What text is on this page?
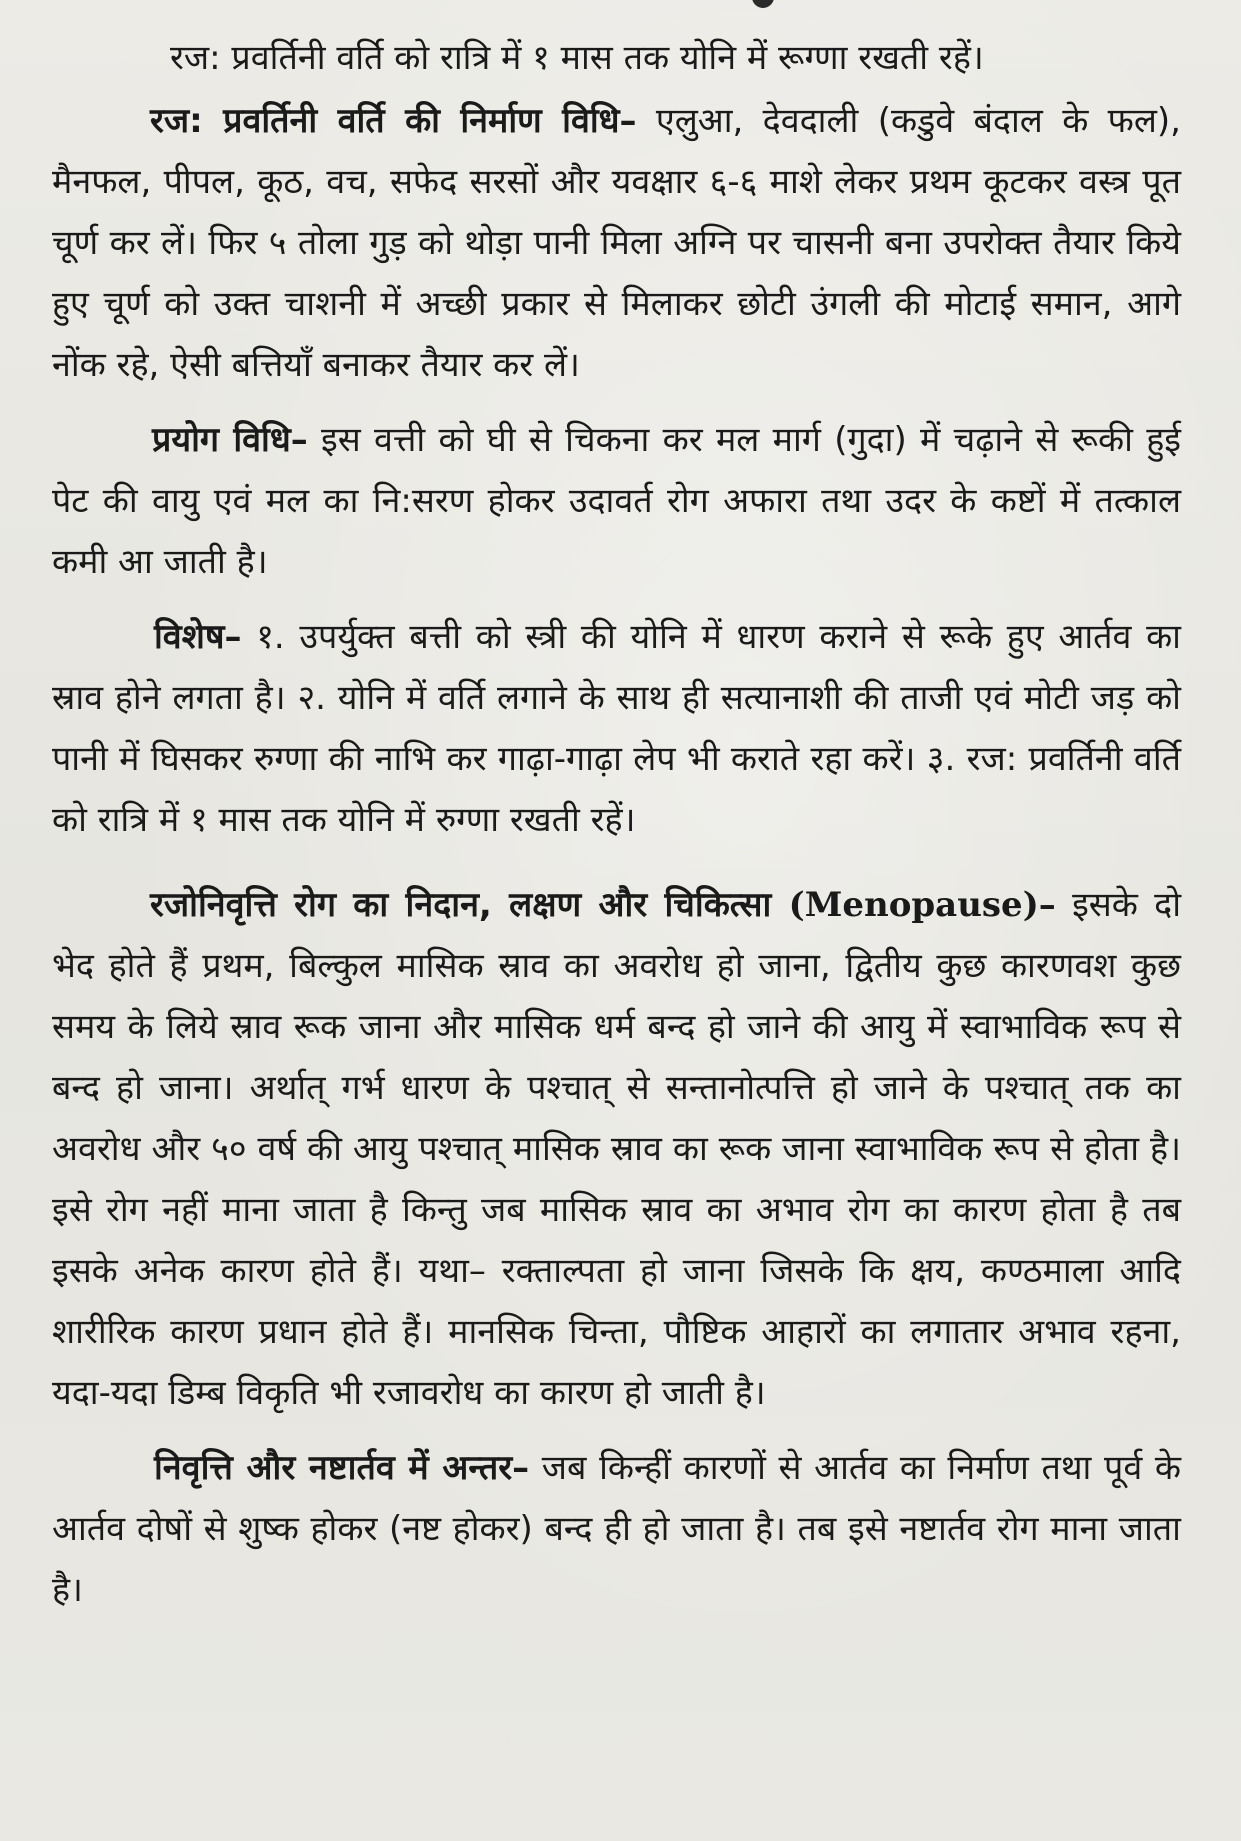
रज: प्रवर्तिनी वर्ति को रात्रि में १ मास तक योनि में रूग्णा रखती रहें।

रज: प्रवर्तिनी वर्ति की निर्माण विधि– एलुआ, देवदाली (कडुवे बंदाल के फल), मैनफल, पीपल, कूठ, वच, सफेद सरसों और यवक्षार ६-६ माशे लेकर प्रथम कूटकर वस्त्र पूत चूर्ण कर लें। फिर ५ तोला गुड़ को थोड़ा पानी मिला अग्नि पर चासनी बना उपरोक्त तैयार किये हुए चूर्ण को उक्त चाशनी में अच्छी प्रकार से मिलाकर छोटी उंगली की मोटाई समान, आगे नोंक रहे, ऐसी बत्तियाँ बनाकर तैयार कर लें।

प्रयोग विधि– इस वत्ती को घी से चिकना कर मल मार्ग (गुदा) में चढ़ाने से रूकी हुई पेट की वायु एवं मल का नि:सरण होकर उदावर्त रोग अफारा तथा उदर के कष्टों में तत्काल कमी आ जाती है।

विशेष– १. उपर्युक्त बत्ती को स्त्री की योनि में धारण कराने से रूके हुए आर्तव का स्राव होने लगता है। २. योनि में वर्ति लगाने के साथ ही सत्यानाशी की ताजी एवं मोटी जड़ को पानी में घिसकर रुग्णा की नाभि कर गाढ़ा-गाढ़ा लेप भी कराते रहा करें। ३. रज: प्रवर्तिनी वर्ति को रात्रि में १ मास तक योनि में रुग्णा रखती रहें।

रजोनिवृत्ति रोग का निदान, लक्षण और चिकित्सा (Menopause)– इसके दो भेद होते हैं प्रथम, बिल्कुल मासिक स्राव का अवरोध हो जाना, द्वितीय कुछ कारणवश कुछ समय के लिये स्राव रूक जाना और मासिक धर्म बन्द हो जाने की आयु में स्वाभाविक रूप से बन्द हो जाना। अर्थात् गर्भ धारण के पश्चात् से सन्तानोत्पत्ति हो जाने के पश्चात् तक का अवरोध और ५० वर्ष की आयु पश्चात् मासिक स्राव का रूक जाना स्वाभाविक रूप से होता है। इसे रोग नहीं माना जाता है किन्तु जब मासिक स्राव का अभाव रोग का कारण होता है तब इसके अनेक कारण होते हैं। यथा– रक्ताल्पता हो जाना जिसके कि क्षय, कण्ठमाला आदि शारीरिक कारण प्रधान होते हैं। मानसिक चिन्ता, पौष्टिक आहारों का लगातार अभाव रहना, यदा-यदा डिम्ब विकृति भी रजावरोध का कारण हो जाती है।

निवृत्ति और नष्टार्तव में अन्तर– जब किन्हीं कारणों से आर्तव का निर्माण तथा पूर्व के आर्तव दोषों से शुष्क होकर (नष्ट होकर) बन्द ही हो जाता है। तब इसे नष्टार्तव रोग माना जाता है।
